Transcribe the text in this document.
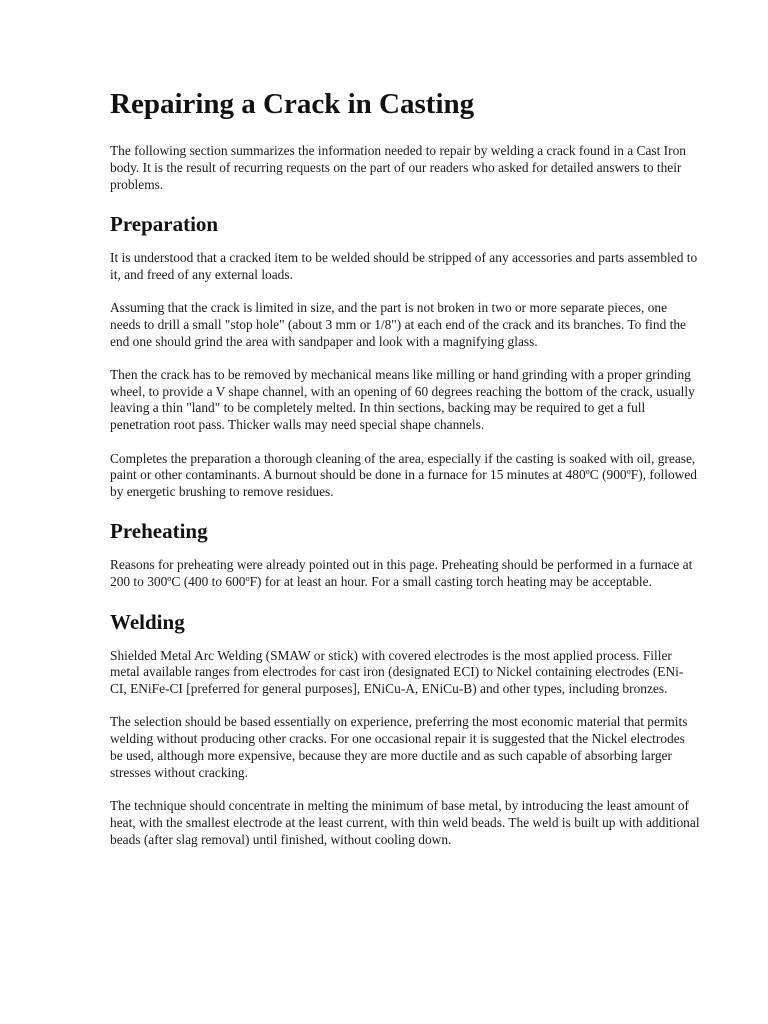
Repairing a Crack in Casting

The following section summarizes the information needed to repair by welding a crack found in a Cast Iron body. It is the result of recurring requests on the part of our readers who asked for detailed answers to their problems.

Preparation

It is understood that a cracked item to be welded should be stripped of any accessories and parts assembled to it, and freed of any external loads.

Assuming that the crack is limited in size, and the part is not broken in two or more separate pieces, one needs to drill a small "stop hole" (about 3 mm or 1/8") at each end of the crack and its branches. To find the end one should grind the area with sandpaper and look with a magnifying glass.

Then the crack has to be removed by mechanical means like milling or hand grinding with a proper grinding wheel, to provide a V shape channel, with an opening of 60 degrees reaching the bottom of the crack, usually leaving a thin "land" to be completely melted. In thin sections, backing may be required to get a full penetration root pass. Thicker walls may need special shape channels.

Completes the preparation a thorough cleaning of the area, especially if the casting is soaked with oil, grease, paint or other contaminants. A burnout should be done in a furnace for 15 minutes at 480ºC (900ºF), followed by energetic brushing to remove residues.

Preheating

Reasons for preheating were already pointed out in this page. Preheating should be performed in a furnace at 200 to 300ºC (400 to 600ºF) for at least an hour. For a small casting torch heating may be acceptable.

Welding

Shielded Metal Arc Welding (SMAW or stick) with covered electrodes is the most applied process. Filler metal available ranges from electrodes for cast iron (designated ECI) to Nickel containing electrodes (ENi-CI, ENiFe-CI [preferred for general purposes], ENiCu-A, ENiCu-B) and other types, including bronzes.

The selection should be based essentially on experience, preferring the most economic material that permits welding without producing other cracks. For one occasional repair it is suggested that the Nickel electrodes be used, although more expensive, because they are more ductile and as such capable of absorbing larger stresses without cracking.

The technique should concentrate in melting the minimum of base metal, by introducing the least amount of heat, with the smallest electrode at the least current, with thin weld beads. The weld is built up with additional beads (after slag removal) until finished, without cooling down.
